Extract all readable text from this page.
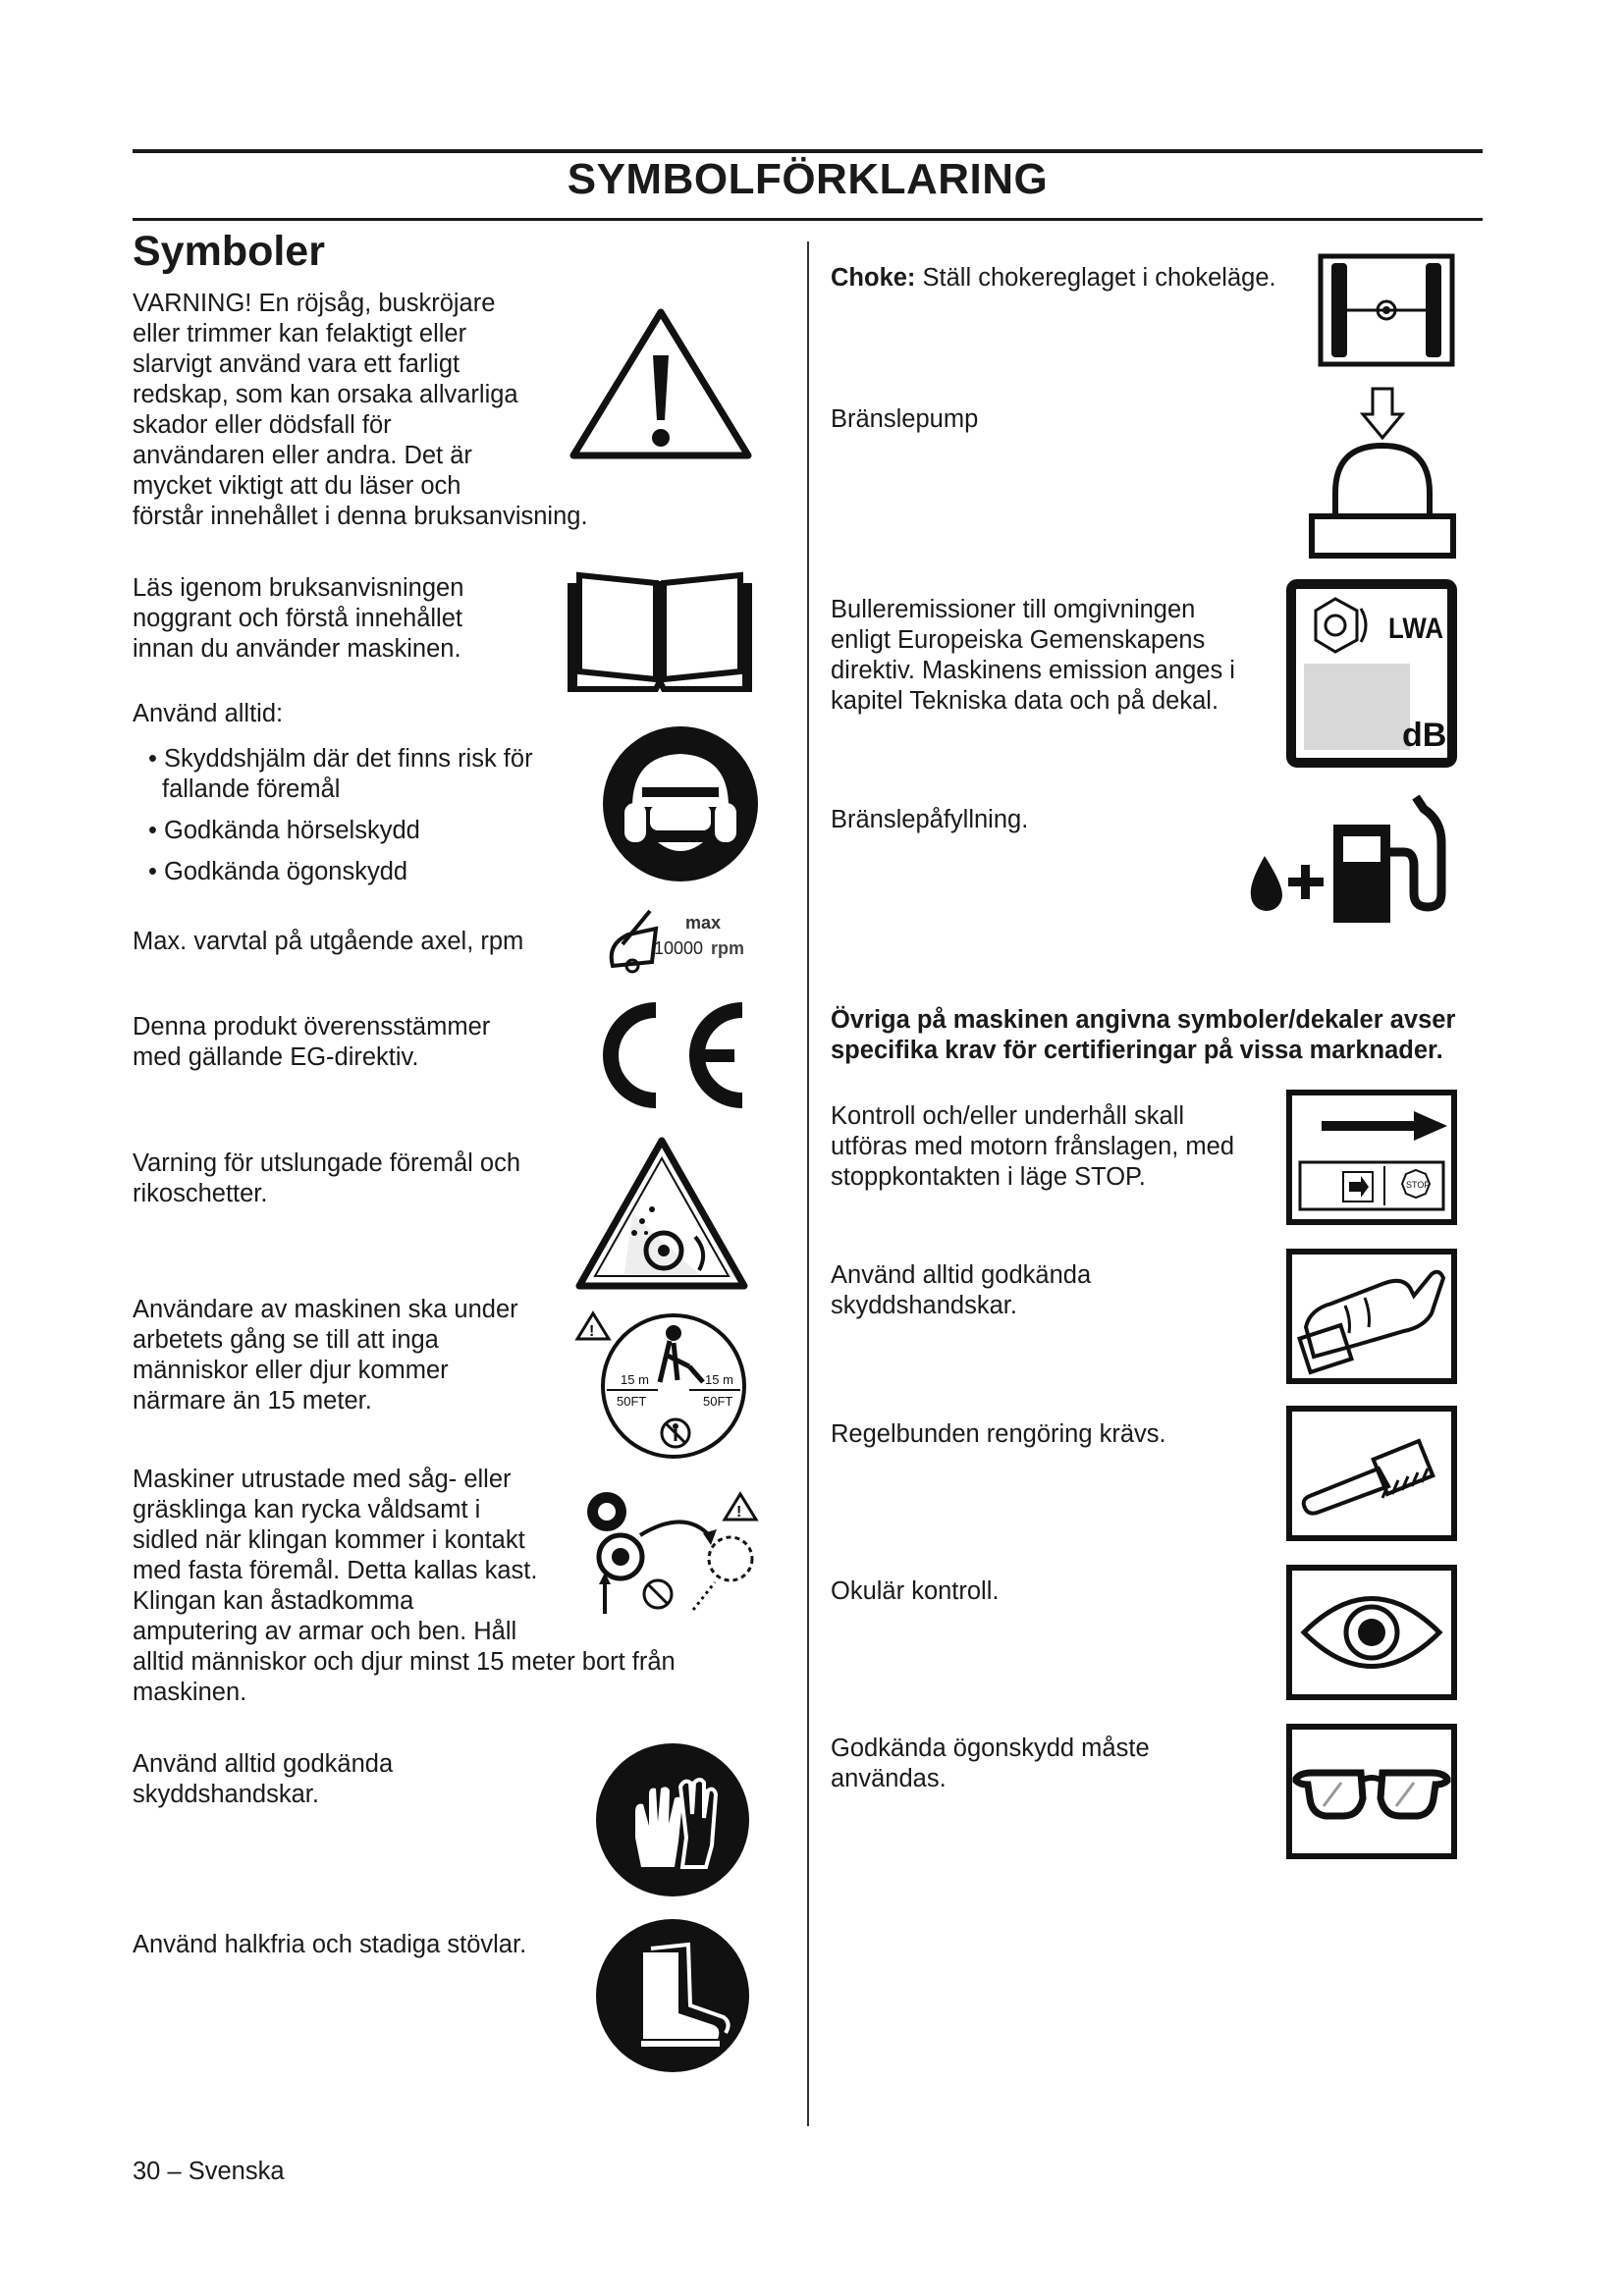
SYMBOLFÖRKLARING
Symboler
VARNING! En röjsåg, buskröjare
eller trimmer kan felaktigt eller
slarvigt använd vara ett farligt
redskap, som kan orsaka allvarliga
skador eller dödsfall för
användaren eller andra. Det är
mycket viktigt att du läser och
förstår innehållet i denna bruksanvisning.
Läs igenom bruksanvisningen
noggrant och förstå innehållet
innan du använder maskinen.
Använd alltid:
• Skyddshjälm där det finns risk för
fallande föremål
• Godkända hörselskydd
• Godkända ögonskydd
Max. varvtal på utgående axel, rpm
Denna produkt överensstämmer
med gällande EG-direktiv.
Varning för utslungade föremål och
rikoschetter.
Användare av maskinen ska under
arbetets gång se till att inga
människor eller djur kommer
närmare än 15 meter.
Maskiner utrustade med såg- eller
gräsklinga kan rycka våldsamt i
sidled när klingan kommer i kontakt
med fasta föremål. Detta kallas kast.
Klingan kan åstadkomma
amputering av armar och ben. Håll
alltid människor och djur minst 15 meter bort från
maskinen.
Använd alltid godkända
skyddshandskar.
Använd halkfria och stadiga stövlar.
max
10000 rpm
!
15 m	15 m
50FT	50FT
!
Choke: Ställ chokereglaget i chokeläge.
Bränslepump
Bulleremissioner till omgivningen
enligt Europeiska Gemenskapens
direktiv. Maskinens emission anges i
kapitel Tekniska data och på dekal.
Bränslepåfyllning.
Övriga på maskinen angivna symboler/dekaler avser
specifika krav för certifieringar på vissa marknader.
Kontroll och/eller underhåll skall
utföras med motorn frånslagen, med
stoppkontakten i läge STOP.
Använd alltid godkända
skyddshandskar.
Regelbunden rengöring krävs.
Okulär kontroll.
Godkända ögonskydd måste
användas.
LWA
dB
STOP
30 – Svenska
